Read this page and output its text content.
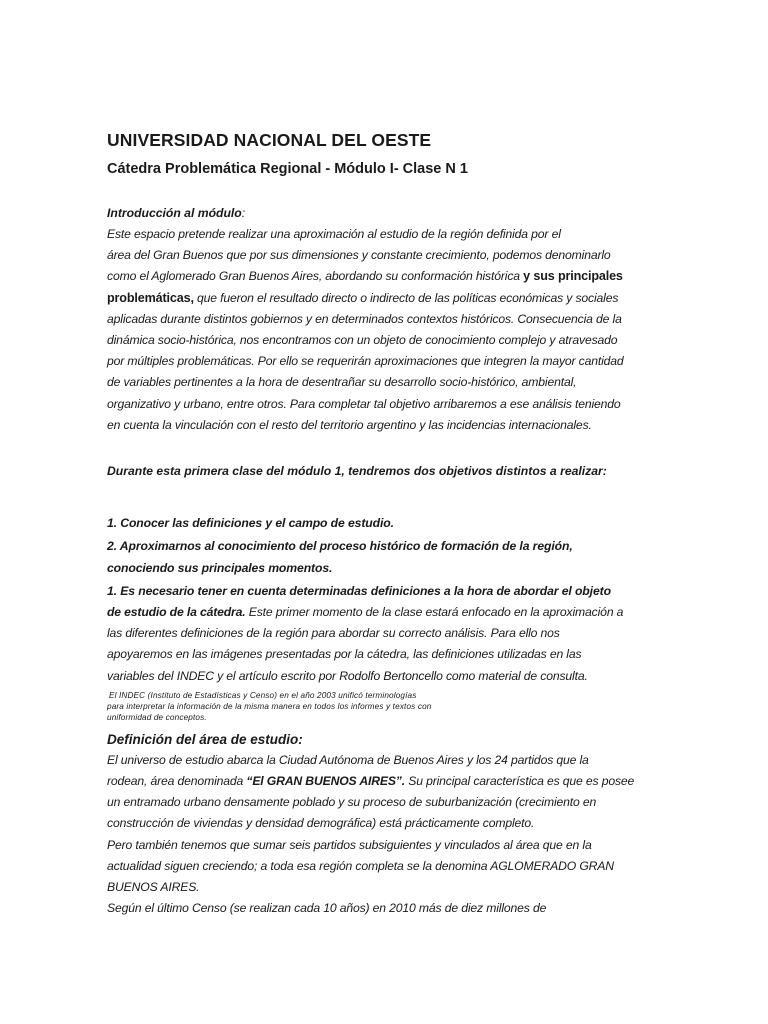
UNIVERSIDAD NACIONAL DEL OESTE
Cátedra Problemática Regional - Módulo I- Clase N 1

Introducción al módulo:

Este espacio pretende realizar una aproximación al estudio de la región definida por el
área del Gran Buenos que por sus dimensiones y constante crecimiento, podemos denominarlo
como el Aglomerado Gran Buenos Aires, abordando su conformación histórica y sus principales
problemáticas, que fueron el resultado directo o indirecto de las políticas económicas y sociales
aplicadas durante distintos gobiernos y en determinados contextos históricos. Consecuencia de la
dinámica socio-histórica, nos encontramos con un objeto de conocimiento complejo y atravesado
por múltiples problemáticas. Por ello se requerirán aproximaciones que integren la mayor cantidad
de variables pertinentes a la hora de desentrañar su desarrollo socio-histórico, ambiental,
organizativo y urbano, entre otros. Para completar tal objetivo arribaremos a ese análisis teniendo
en cuenta la vinculación con el resto del territorio argentino y las incidencias internacionales.

Durante esta primera clase del módulo 1, tendremos dos objetivos distintos a realizar:

1. Conocer las definiciones y el campo de estudio.

2. Aproximarnos al conocimiento del proceso histórico de formación de la región,

conociendo sus principales momentos.

1. Es necesario tener en cuenta determinadas definiciones a la hora de abordar el objeto

de estudio de la cátedra. Este primer momento de la clase estará enfocado en la aproximación a
las diferentes definiciones de la región para abordar su correcto análisis. Para ello nos
apoyaremos en las imágenes presentadas por la cátedra, las definiciones utilizadas en las
variables del INDEC y el artículo escrito por Rodolfo Bertoncello como material de consulta.

El INDEC (Instituto de Estadísticas y Censo) en el año 2003 unificó terminologías
para interpretar la información de la misma manera en todos los informes y textos con
uniformidad de conceptos.

Definición del área de estudio:

El universo de estudio abarca la Ciudad Autónoma de Buenos Aires y los 24 partidos que la
rodean, área denominada “El GRAN BUENOS AIRES”. Su principal característica es que es posee
un entramado urbano densamente poblado y su proceso de suburbanización (crecimiento en
construcción de viviendas y densidad demográfica) está prácticamente completo.
Pero también tenemos que sumar seis partidos subsiguientes y vinculados al área que en la
actualidad siguen creciendo; a toda esa región completa se la denomina AGLOMERADO GRAN
BUENOS AIRES.
Según el último Censo (se realizan cada 10 años) en 2010 más de diez millones de
